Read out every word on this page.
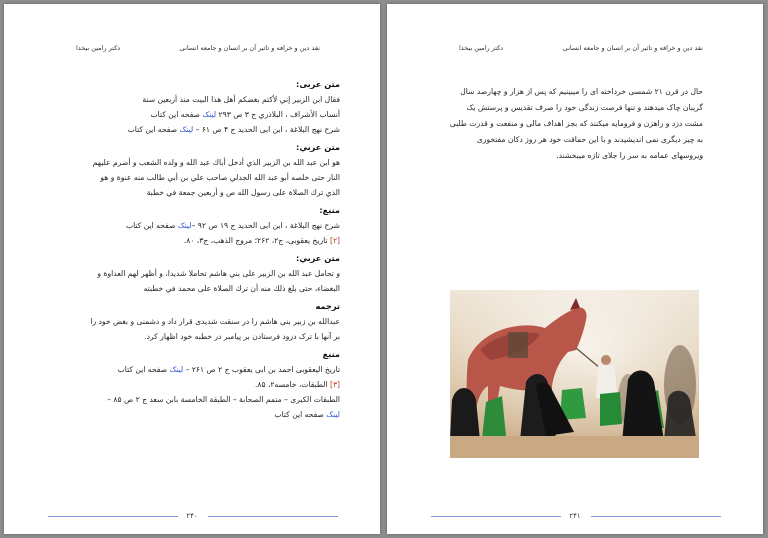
نقد دین و خرافه و تاثیر آن بر انسان و جامعه انسانی
دکتر رامین بیخدا
متن عربی:
فقال ابن الزبير إني لأكتم بغضكم أهل هذا البيت منذ أربعين سنة
أنساب الأشراف ، البلاذري ج ۳ ص ۲۹۳ لینک صفحه این کتاب
شرح نهج البلاغة ، ابن ابی الحدید ج ۴ ص ۶۱ – لینک صفحه این کتاب
متن عربي:
هو ابن عبد الله بن الزبير الذي أدخل أباك عبد الله و ولده الشعب و أضرم عليهم
النار حتى خلصه أبو عبد الله الجدلي صاحب علي بن أبي طالب منه عنوة و هو
الذي ترك الصلاة على رسول الله ص و أربعين جمعة في خطبة
منبع:
شرح نهج البلاغة ، ابن ابی الحدید ج ۱۹ ص ۹۲ –لینک صفحه این کتاب
[۲] تاریخ یعقوبی، ج۲، ۲۶۲؛ مروج الذهب، ج۳، ۸۰.
متن عربي:
و تحامل عبد الله بن الزبير على بني هاشم تحاملا شديدا، و أظهر لهم العداوة و
البغضاء، حتى بلغ ذلك منه أن ترك الصلاة على محمد في خطبته
ترجمه
عبدالله بن زبیر بنی هاشم را در سنقت شدیدی قرار داد و دشمنی و بغض خود را
بر آنها با ترک درود فرستادن بر پیامبر در خطبه خود اظهار کرد.
منبع
تاریخ الیعقوبی احمد بن ابی یعقوب ج ۲ ص ۲۶۱ – لینک صفحه این کتاب
[۳] الطبقات، خامسه۲، ۸۵.
الطبقات الكبرى – متمم الصحابة – الطبقة الخامسة بابن سعد ج ۲ ص ۸۵ –
لینک صفحه این کتاب
۲۴۰
نقد دین و خرافه و تاثیر آن بر انسان و جامعه انسانی
دکتر رامین بیخدا
حال در قرن ۲۱ شمسی خرداخته ای را میبینیم که پس از هزار و چهارصد سال
گریبان چاک میدهند و تنها فرصت زندگی خود را صرف تقدیس و پرستش یک
مشت دزد و راهزن و فرومایه میکنند که بجز اهداف مالی و منفعت و قدرت طلبی
به چیز دیگری نمی اندیشیدند و با این حماقت خود هر روز دکان مفتخوری
ویروسهای عمامه به سر را جلای تازه میبخشند.
۲۴۱
